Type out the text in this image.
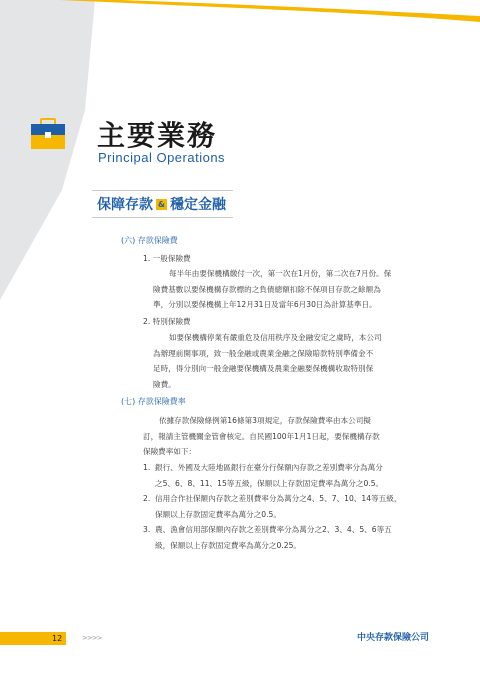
主要業務
Principal Operations
保障存款 & 穩定金融
(六) 存款保險費
1. 一般保險費
每半年由要保機構繳付一次，第一次在1月份，第二次在7月份。保
險費基數以要保機構存款標的之負債總額扣除不保項目存款之餘額為
準，分別以要保機構上年12月31日及當年6月30日為計算基準日。
2. 特別保險費
如要保機構停業有嚴重危及信用秩序及金融安定之虞時，本公司
為辦理前開事項，致一般金融或農業金融之保險賠款特別準備金不
足時，得分別向一般金融要保機構及農業金融要保機構收取特別保
險費。
(七) 存款保險費率
依據存款保險條例第16條第3項規定，存款保險費率由本公司擬
訂，報請主管機關金管會核定。自民國100年1月1日起，要保機構存款
保險費率如下：
1. 銀行、外國及大陸地區銀行在臺分行保額內存款之差別費率分為萬分
之5、6、8、11、15等五級，保額以上存款固定費率為萬分之0.5。
2. 信用合作社保額內存款之差別費率分為萬分之4、5、7、10、14等五級，
保額以上存款固定費率為萬分之0.5。
3. 農、漁會信用部保額內存款之差別費率分為萬分之2、3、4、5、6等五
級，保額以上存款固定費率為萬分之0.25。
12	>>>>	中央存款保險公司
